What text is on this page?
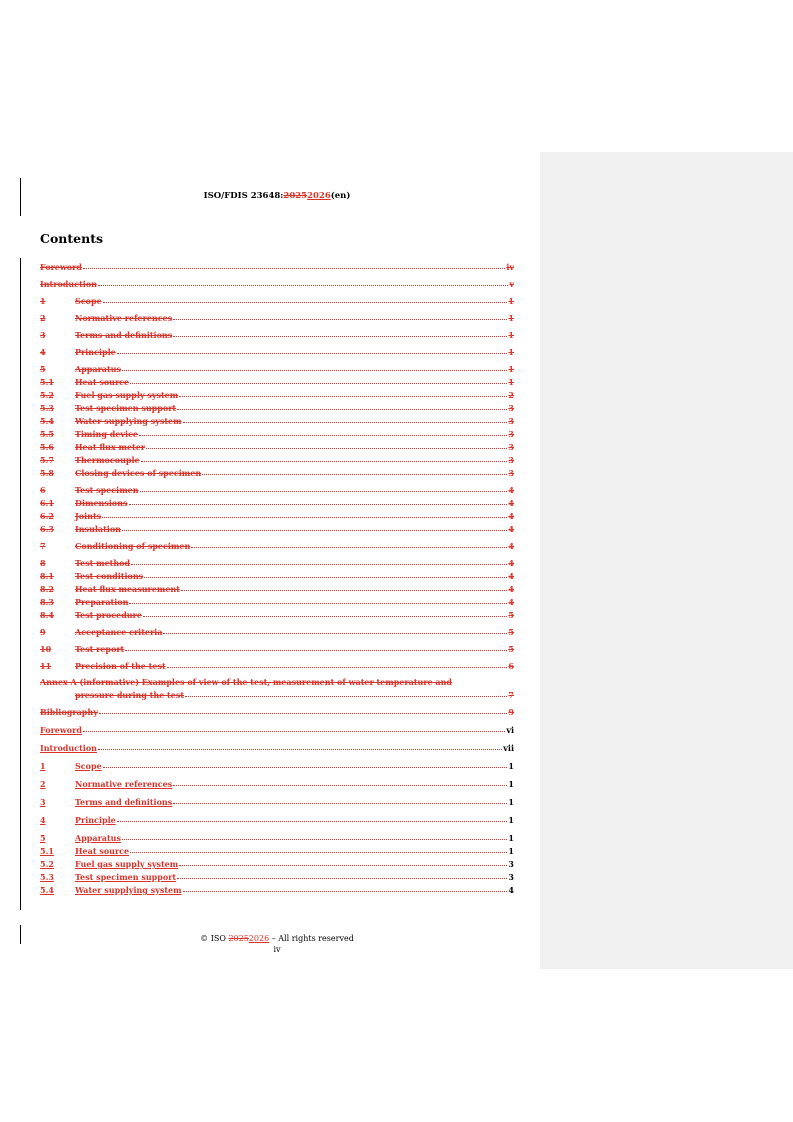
ISO/FDIS 23648:20252026(en)
Contents
Foreword	iv
Introduction	v
1	Scope	1
2	Normative references	1
3	Terms and definitions	1
4	Principle	1
5	Apparatus	1
5.1	Heat source	1
5.2	Fuel gas supply system	2
5.3	Test specimen support	3
5.4	Water supplying system	3
5.5	Timing device	3
5.6	Heat flux meter	3
5.7	Thermocouple	3
5.8	Closing devices of specimen	3
6	Test specimen	4
6.1	Dimensions	4
6.2	Joints	4
6.3	Insulation	4
7	Conditioning of specimen	4
8	Test method	4
8.1	Test conditions	4
8.2	Heat flux measurement	4
8.3	Preparation	4
8.4	Test procedure	5
9	Acceptance criteria	5
10	Test report	5
11	Precision of the test	6
Annex A (informative) Examples of view of the test, measurement of water temperature and
pressure during the test	7
Bibliography	9
Foreword	vi
Introduction	vii
1	Scope	1
2	Normative references	1
3	Terms and definitions	1
4	Principle	1
5	Apparatus	1
5.1	Heat source	1
5.2	Fuel gas supply system	3
5.3	Test specimen support	3
5.4	Water supplying system	4
© ISO 20252026 – All rights reserved
iv
